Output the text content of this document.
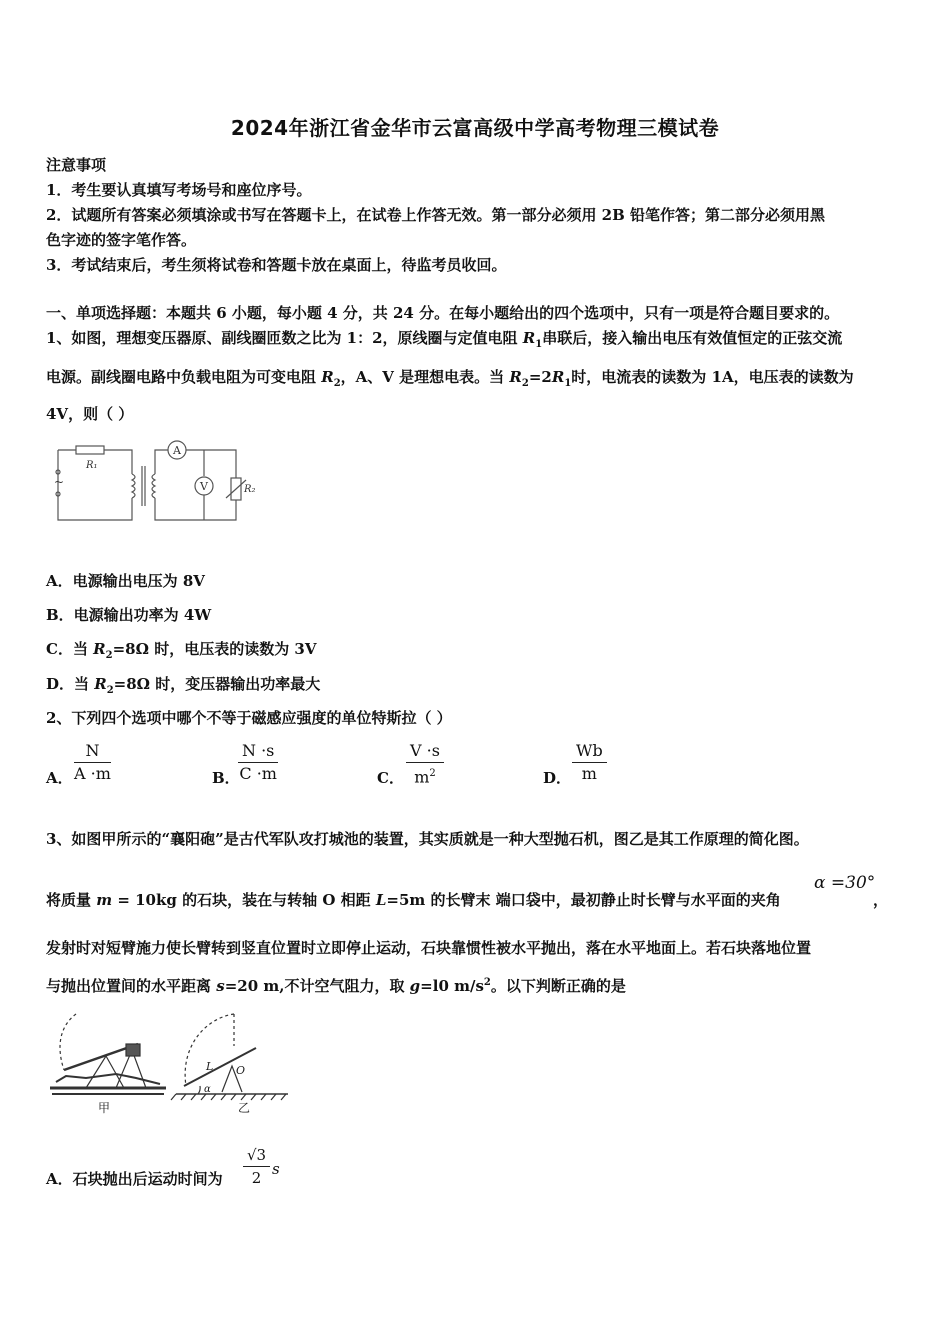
2024年浙江省金华市云富高级中学高考物理三模试卷
注意事项
1．考生要认真填写考场号和座位序号。
2．试题所有答案必须填涂或书写在答题卡上，在试卷上作答无效。第一部分必须用 2B 铅笔作答；第二部分必须用黑
色字迹的签字笔作答。
3．考试结束后，考生须将试卷和答题卡放在桌面上，待监考员收回。
一、单项选择题：本题共 6 小题，每小题 4 分，共 24 分。在每小题给出的四个选项中，只有一项是符合题目要求的。
1、如图，理想变压器原、副线圈匝数之比为 1：2，原线圈与定值电阻 $R_1$串联后，接入输出电压有效值恒定的正弦交流
电源。副线圈电路中负载电阻为可变电阻 $R_2$，A、V 是理想电表。当 $R_2=2R_1$时，电流表的读数为 1A，电压表的读数为
4V，则（ ）
R₁
R₂
A
V
~
A．电源输出电压为 8V
B．电源输出功率为 4W
C．当 $R_2=8\Omega$ 时，电压表的读数为 3V
D．当 $R_2=8\Omega$ 时，变压器输出功率最大
2、下列四个选项中哪个不等于磁感应强度的单位特斯拉（ ）
A． $\frac{N}{A \cdot m}$	B．
$\frac{N \cdot s}{C \cdot m}$	C． $\frac{V \cdot s}{m^2}$	D． $\frac{Wb}{m}$
3、如图甲所示的“襄阳砲”是古代军队攻打城池的装置，其实质就是一种大型抛石机，图乙是其工作原理的简化图。
将质量 m = 10kg 的石块，装在与转轴 O 相距 L=5m 的长臂末 端口袋中，最初静止时长臂与水平面的夹角
α =30°
，
发射时对短臂施力使长臂转到竖直位置时立即停止运动，石块靠惯性被水平抛出，落在水平地面上。若石块落地位置
与抛出位置间的水平距离 s=20 m,不计空气阻力，取 g=l0 $m/s^2$。以下判断正确的是
甲
L O
α
乙
A．石块抛出后运动时间为 $\frac{√3}{2}$ s
